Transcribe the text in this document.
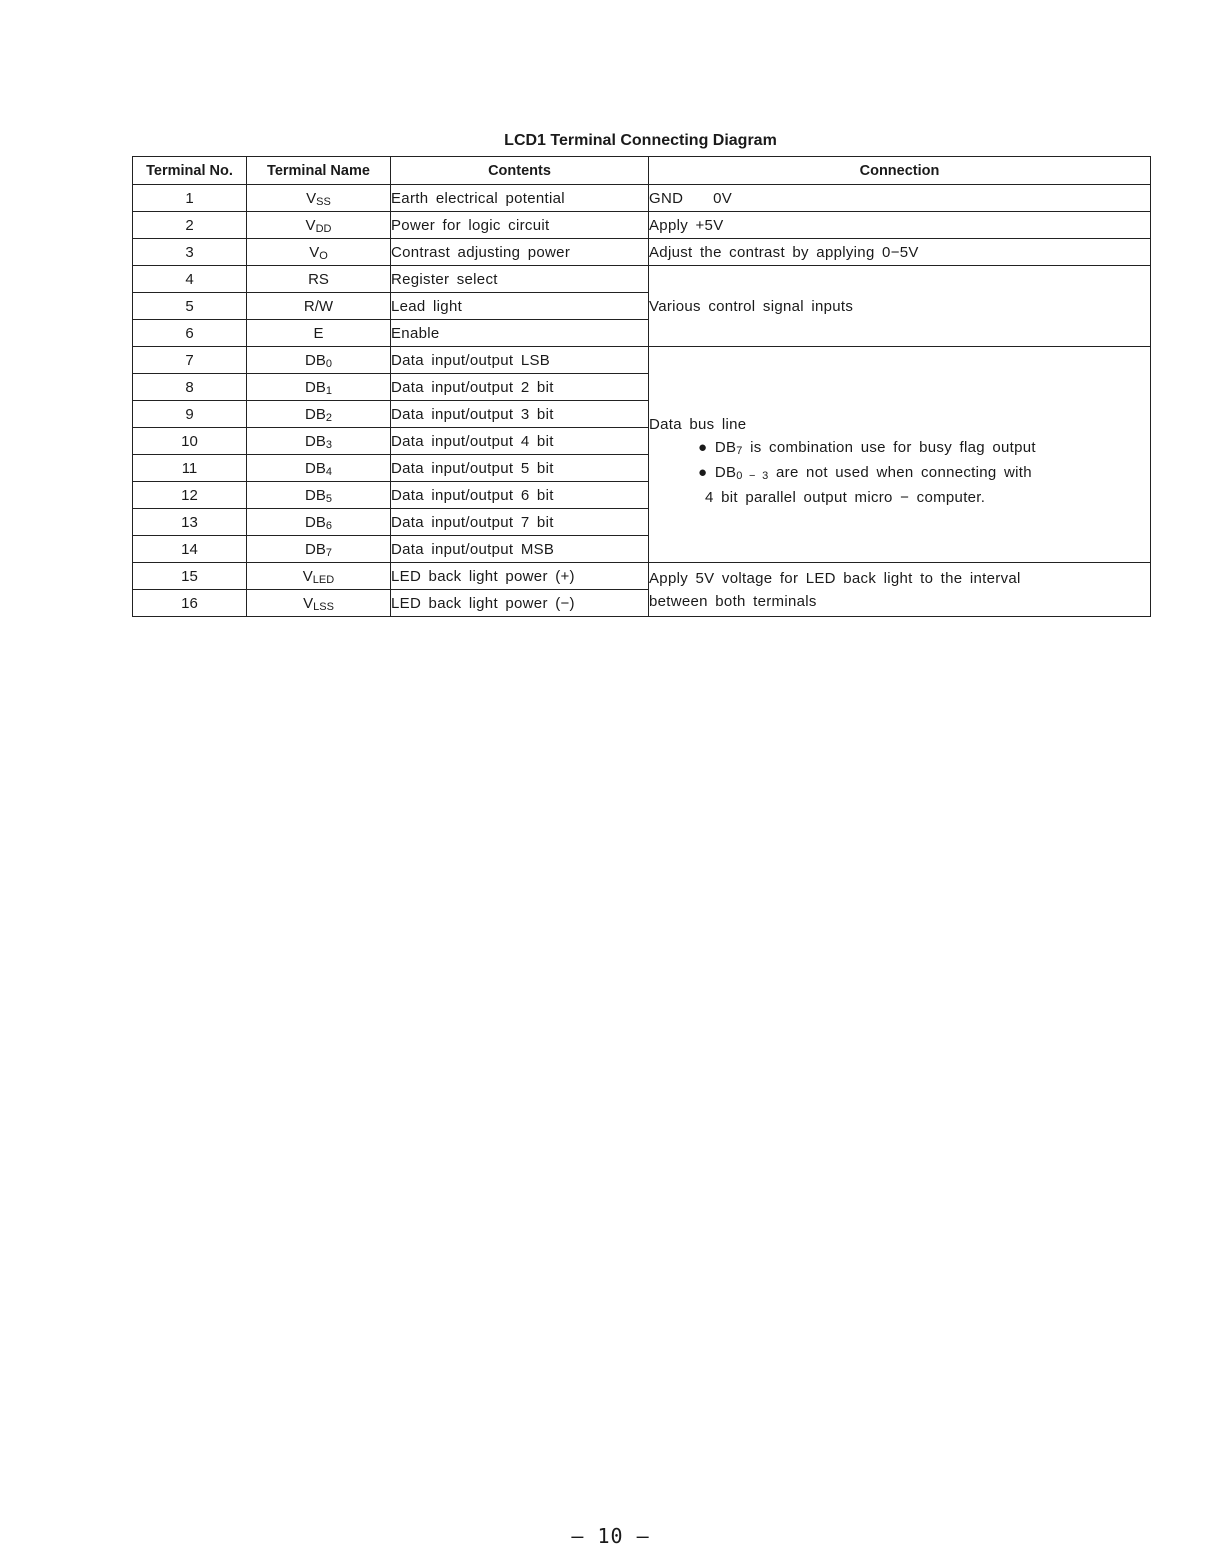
LCD1 Terminal Connecting Diagram
Terminal No.	Terminal Name	Contents	Connection
1	$V_{SS}$	Earth electrical potential	GND    0V
2	$V_{DD}$	Power for logic circuit	Apply +5V
3	$V_O$	Contrast adjusting power	Adjust the contrast by applying 0−5V
4	RS	Register select	Various control signal inputs
5	R/W	Lead light	
6	E	Enable	
7	$DB_0$	Data input/output LSB	Data bus line
● $DB_7$ is combination use for busy flag output
● $DB_{0 - 3}$ are not used when connecting with
4 bit parallel output micro − computer.

8	$DB_1$	Data input/output 2 bit	
9	$DB_2$	Data input/output 3 bit	
10	$DB_3$	Data input/output 4 bit	
11	$DB_4$	Data input/output 5 bit	
12	$DB_5$	Data input/output 6 bit	
13	$DB_6$	Data input/output 7 bit	
14	$DB_7$	Data input/output MSB	
15	$V_{LED}$	LED back light power (+)	Apply 5V voltage for LED back light to the interval
between both terminals

16	$V_{LSS}$	LED back light power (−)	
— 10 —
